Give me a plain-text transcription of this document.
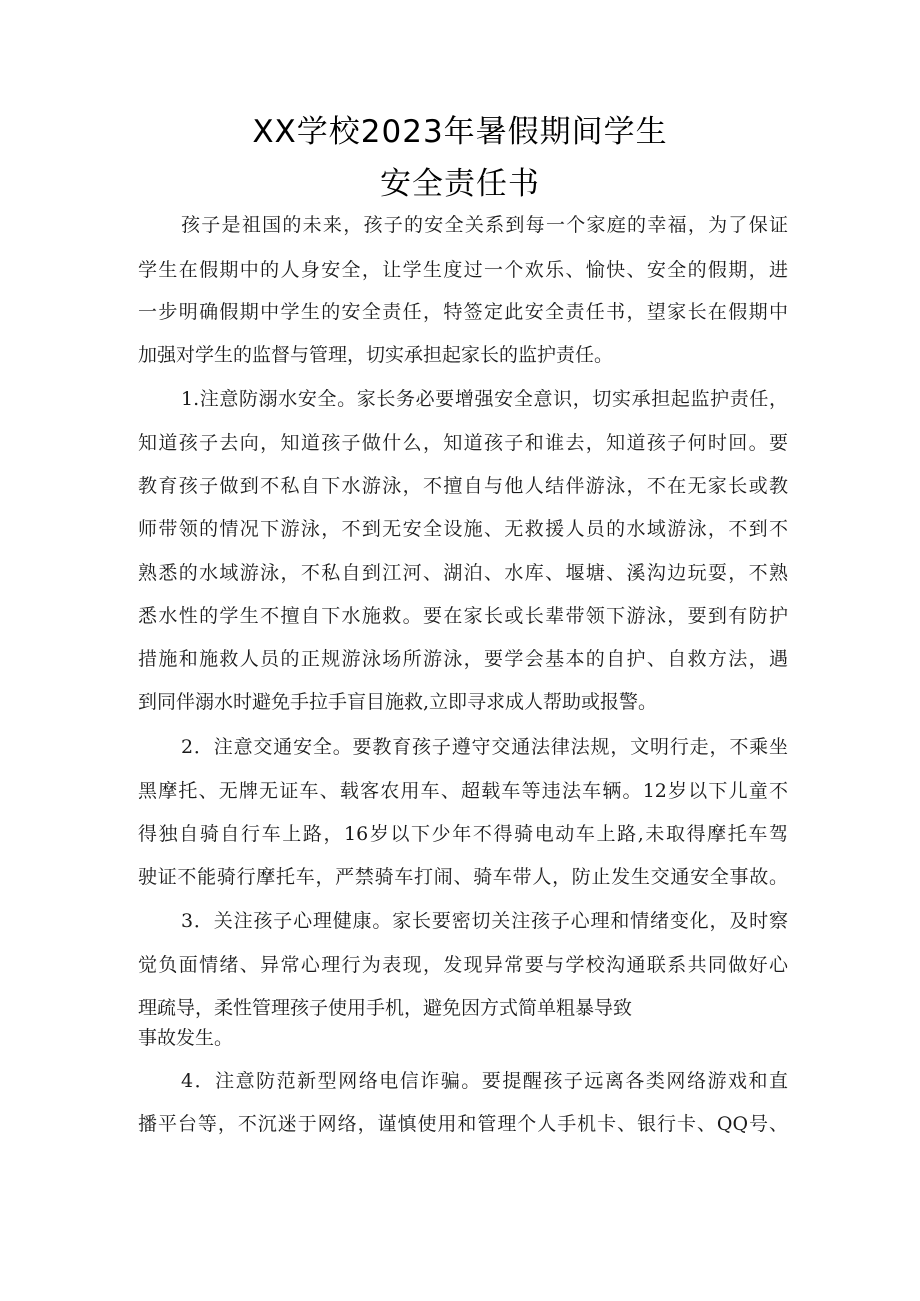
XX学校2023年暑假期间学生
安全责任书
孩子是祖国的未来，孩子的安全关系到每一个家庭的幸福，为了保证
学生在假期中的人身安全，让学生度过一个欢乐、愉快、安全的假期，进
一步明确假期中学生的安全责任，特签定此安全责任书，望家长在假期中
加强对学生的监督与管理，切实承担起家长的监护责任。
1.注意防溺水安全。家长务必要增强安全意识，切实承担起监护责任，
知道孩子去向，知道孩子做什么，知道孩子和谁去，知道孩子何时回。要
教育孩子做到不私自下水游泳，不擅自与他人结伴游泳，不在无家长或教
师带领的情况下游泳，不到无安全设施、无救援人员的水域游泳，不到不
熟悉的水域游泳，不私自到江河、湖泊、水库、堰塘、溪沟边玩耍，不熟
悉水性的学生不擅自下水施救。要在家长或长辈带领下游泳，要到有防护
措施和施救人员的正规游泳场所游泳，要学会基本的自护、自救方法，遇
到同伴溺水时避免手拉手盲目施救,立即寻求成人帮助或报警。
2．注意交通安全。要教育孩子遵守交通法律法规，文明行走，不乘坐
黑摩托、无牌无证车、载客农用车、超载车等违法车辆。12岁以下儿童不
得独自骑自行车上路，16岁以下少年不得骑电动车上路,未取得摩托车驾
驶证不能骑行摩托车，严禁骑车打闹、骑车带人，防止发生交通安全事故。
3．关注孩子心理健康。家长要密切关注孩子心理和情绪变化，及时察
觉负面情绪、异常心理行为表现，发现异常要与学校沟通联系共同做好心
理疏导，柔性管理孩子使用手机，避免因方式简单粗暴导致
事故发生。
4．注意防范新型网络电信诈骗。要提醒孩子远离各类网络游戏和直
播平台等，不沉迷于网络，谨慎使用和管理个人手机卡、银行卡、QQ号、
